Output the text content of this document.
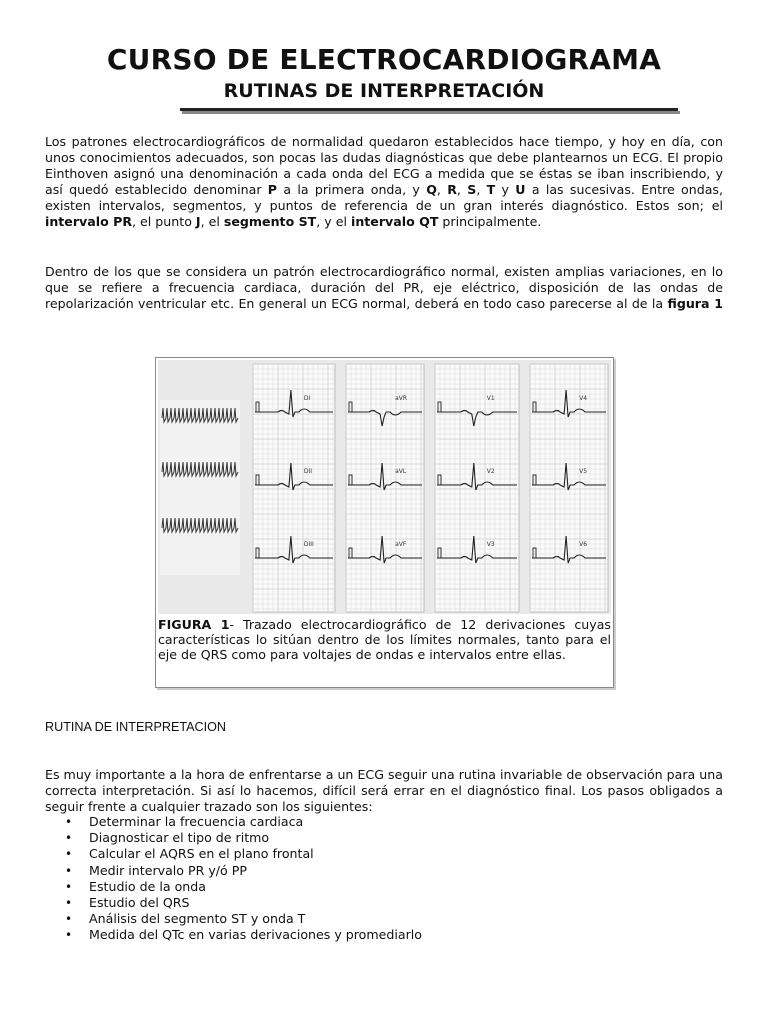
CURSO DE ELECTROCARDIOGRAMA
RUTINAS DE INTERPRETACIÓN

Los patrones electrocardiográficos de normalidad quedaron establecidos hace tiempo, y hoy en día, con unos conocimientos adecuados, son pocas las dudas diagnósticas que debe plantearnos un ECG. El propio Einthoven asignó una denominación a cada onda del ECG a medida que se éstas se iban inscribiendo, y así quedó establecido denominar P a la primera onda, y Q, R, S, T y U a las sucesivas. Entre ondas, existen intervalos, segmentos, y puntos de referencia de un gran interés diagnóstico. Estos son; el intervalo PR, el punto J, el segmento ST, y el intervalo QT principalmente.

Dentro de los que se considera un patrón electrocardiográfico normal, existen amplias variaciones, en lo que se refiere a frecuencia cardiaca, duración del PR, eje eléctrico, disposición de las ondas de repolarización ventricular etc. En general un ECG normal, deberá en todo caso parecerse al de la figura 1

DI
DII
DIII
aVR
aVL
aVF
V1
V2
V3
V4
V5
V6
FIGURA 1- Trazado electrocardiográfico de 12 derivaciones cuyas características lo sitúan dentro de los límites normales, tanto para el eje de QRS como para voltajes de ondas e intervalos entre ellas.
RUTINA DE INTERPRETACION

Es muy importante a la hora de enfrentarse a un ECG seguir una rutina invariable de observación para una correcta interpretación. Si así lo hacemos, difícil será errar en el diagnóstico final. Los pasos obligados a seguir frente a cualquier trazado son los siguientes:

• Determinar la frecuencia cardiaca
• Diagnosticar el tipo de ritmo
• Calcular el AQRS en el plano frontal
• Medir intervalo PR y/ó PP
• Estudio de la onda
• Estudio del QRS
• Análisis del segmento ST y onda T
• Medida del QTc en varias derivaciones y promediarlo
